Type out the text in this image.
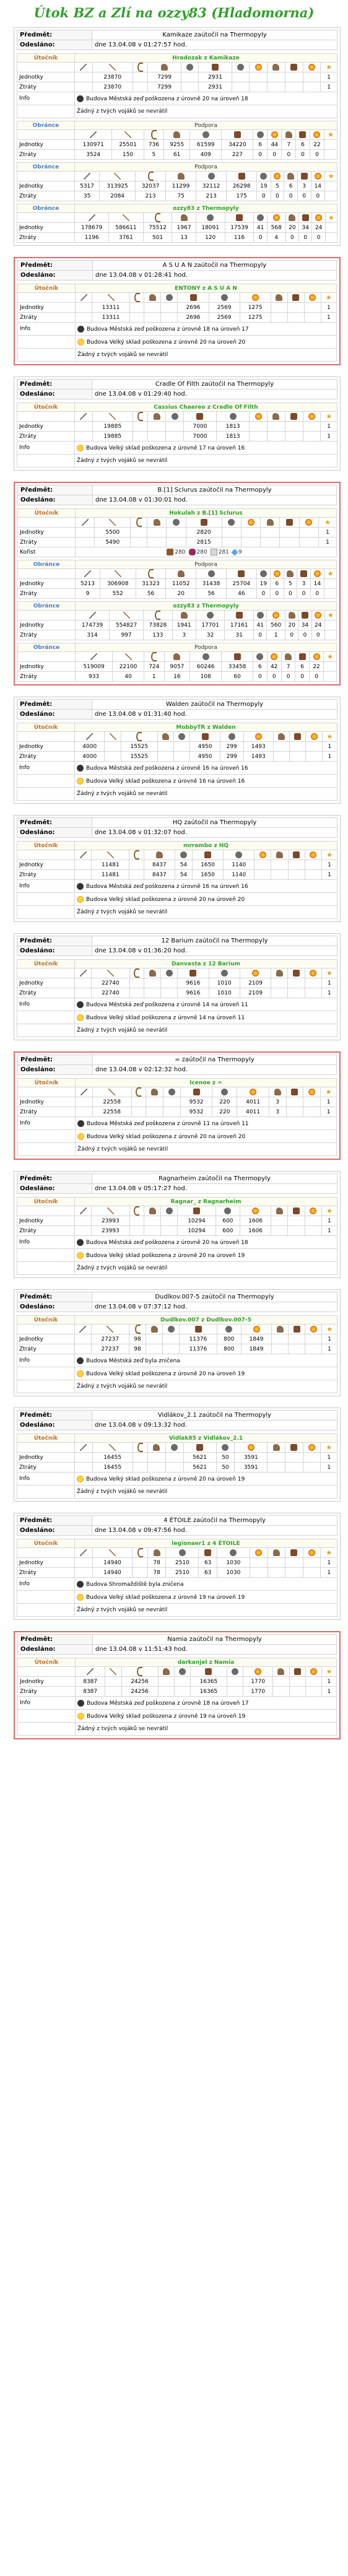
Útok BZ a Zlí na ozzy83 (Hladomorna)
Předmět:	Kamikaze zaútočil na Thermopyly
Odesláno:	dne 13.04.08 v 01:27:57 hod.
Útočník	Hradozak z Kamikaze											
												★
Jednotky		23870		7299		2931						1
Ztráty		23870		7299		2931						1
Info	Budova Městská zeď poškozena z úrovně 20 na úroveň 18											
	Žádný z tvých vojáků se nevrátil											
Obránce	Podpora											
												★
Jednotky	130971	25501	736	9255	61599	34220	6	44	7	6	22	
Ztráty	3524	150	5	61	409	227	0	0	0	0	0	
Obránce	Podpora											
												★
Jednotky	5317	313925	32037	11299	32112	26298	19	5	6	3	14	
Ztráty	35	2084	213	75	213	175	0	0	0	0	0	
Obránce	ozzy83 z Thermopyly											
												★
Jednotky	178679	586611	75512	1967	18091	17539	41	568	20	34	24	
Ztráty	1196	3761	501	13	120	116	0	4	0	0	0	
Předmět:	A S U A N zaútočil na Thermopyly
Odesláno:	dne 13.04.08 v 01:28:41 hod.
Útočník	ENTONY z A S U A N											
												★
Jednotky		13311				2696	2569	1275				1
Ztráty		13311				2696	2569	1275				1
Info	Budova Městská zeď poškozena z úrovně 18 na úroveň 17											
	Budova Velký sklad poškozena z úrovně 20 na úroveň 20											
	Žádný z tvých vojáků se nevrátil											
Předmět:	Cradle Of Filth zaútočil na Thermopyly
Odesláno:	dne 13.04.08 v 01:29:40 hod.
Útočník	Cassius Chaereo z Cradle Of Filth											
												★
Jednotky		19885				7000	1813					1
Ztráty		19885				7000	1813					1
Info	Budova Velký sklad poškozena z úrovně 17 na úroveň 16											
	Žádný z tvých vojáků se nevrátil											
Předmět:	B.[1] Sclurus zaútočil na Thermopyly
Odesláno:	dne 13.04.08 v 01:30:01 hod.
Útočník	Hokulah z B.[1] Sclurus											
												★
Jednotky		5500				2820						1
Ztráty		5490				2815						1
Kořist	280 280 281 9											
Obránce	Podpora											
												★
Jednotky	5213	306908	31323	11052	31438	25704	19	6	5	3	14	
Ztráty	9	552	56	20	56	46	0	0	0	0	0	
Obránce	ozzy83 z Thermopyly											
												★
Jednotky	174739	554827	73828	1941	17701	17161	41	560	20	34	24	
Ztráty	314	997	133	3	32	31	0	1	0	0	0	
Obránce	Podpora											
												★
Jednotky	519009	22100	724	9057	60246	33458	6	42	7	6	22	
Ztráty	933	40	1	16	108	60	0	0	0	0	0	
Předmět:	Walden zaútočil na Thermopyly
Odesláno:	dne 13.04.08 v 01:31:40 hod.
Útočník	MobbyTR z Walden											
												★
Jednotky	4000		15525			4950	299	1493				1
Ztráty	4000		15525			4950	299	1493				1
Info	Budova Městská zeď poškozena z úrovně 16 na úroveň 16											
	Budova Velký sklad poškozena z úrovně 16 na úroveň 16											
	Žádný z tvých vojáků se nevrátil											
Předmět:	HQ zaútočil na Thermopyly
Odesláno:	dne 13.04.08 v 01:32:07 hod.
Útočník	mrrambo z HQ											
												★
Jednotky		11481		8437	54	1650	1140					1
Ztráty		11481		8437	54	1650	1140					1
Info	Budova Městská zeď poškozena z úrovně 16 na úroveň 16											
	Budova Velký sklad poškozena z úrovně 20 na úroveň 20											
	Žádný z tvých vojáků se nevrátil											
Předmět:	12 Barium zaútočil na Thermopyly
Odesláno:	dne 13.04.08 v 01:36:20 hod.
Útočník	Danvasta z 12 Barium											
												★
Jednotky		22740				9616	1010	2109				1
Ztráty		22740				9616	1010	2109				1
Info	Budova Městská zeď poškozena z úrovně 14 na úroveň 11											
	Budova Velký sklad poškozena z úrovně 14 na úroveň 11											
	Žádný z tvých vojáků se nevrátil											
Předmět:	= zaútočil na Thermopyly
Odesláno:	dne 13.04.08 v 02:12:32 hod.
Útočník	Icenoe z =											
												★
Jednotky		22558				9532	220	4011	3			1
Ztráty		22558				9532	220	4011	3			1
Info	Budova Městská zeď poškozena z úrovně 11 na úroveň 11											
	Budova Velký sklad poškozena z úrovně 20 na úroveň 20											
	Žádný z tvých vojáků se nevrátil											
Předmět:	Ragnarheim zaútočil na Thermopyly
Odesláno:	dne 13.04.08 v 05:17:27 hod.
Útočník	Ragnar_ z Ragnarheim											
												★
Jednotky		23993				10294	600	1606				1
Ztráty		23993				10294	600	1606				1
Info	Budova Městská zeď poškozena z úrovně 20 na úroveň 18											
	Budova Velký sklad poškozena z úrovně 20 na úroveň 19											
	Žádný z tvých vojáků se nevrátil											
Předmět:	Dudlkov.007-5 zaútočil na Thermopyly
Odesláno:	dne 13.04.08 v 07:37:12 hod.
Útočník	Dudlkov.007 z Dudlkov.007-5											
												★
Jednotky		27237	98			11376	800	1849				1
Ztráty		27237	98			11376	800	1849				1
Info	Budova Městská zeď byla zničena											
	Budova Velký sklad poškozena z úrovně 20 na úroveň 19											
	Žádný z tvých vojáků se nevrátil											
Předmět:	Vidlákov_2.1 zaútočil na Thermopyly
Odesláno:	dne 13.04.08 v 09:13:32 hod.
Útočník	Vidlak85 z Vidlákov_2.1											
												★
Jednotky		16455				5621	50	3591				1
Ztráty		16455				5621	50	3591				1
Info	Budova Velký sklad poškozena z úrovně 20 na úroveň 19											
	Žádný z tvých vojáků se nevrátil											
Předmět:	4 ÉTOILE zaútočil na Thermopyly
Odesláno:	dne 13.04.08 v 09:47:56 hod.
Útočník	legionaer1 z 4 ÉTOILE											
												★
Jednotky		14940		78	2510	63	1030					1
Ztráty		14940		78	2510	63	1030					1
Info	Budova Shromaždiště byla zničena											
	Budova Velký sklad poškozena z úrovně 19 na úroveň 19											
	Žádný z tvých vojáků se nevrátil											
Předmět:	Namia zaútočil na Thermopyly
Odesláno:	dne 13.04.08 v 11:51:43 hod.
Útočník	darkanjel z Namia											
												★
Jednotky	8387		24256			16365		1770				1
Ztráty	8387		24256			16365		1770				1
Info	Budova Městská zeď poškozena z úrovně 18 na úroveň 17											
	Budova Velký sklad poškozena z úrovně 19 na úroveň 19											
	Žádný z tvých vojáků se nevrátil											
